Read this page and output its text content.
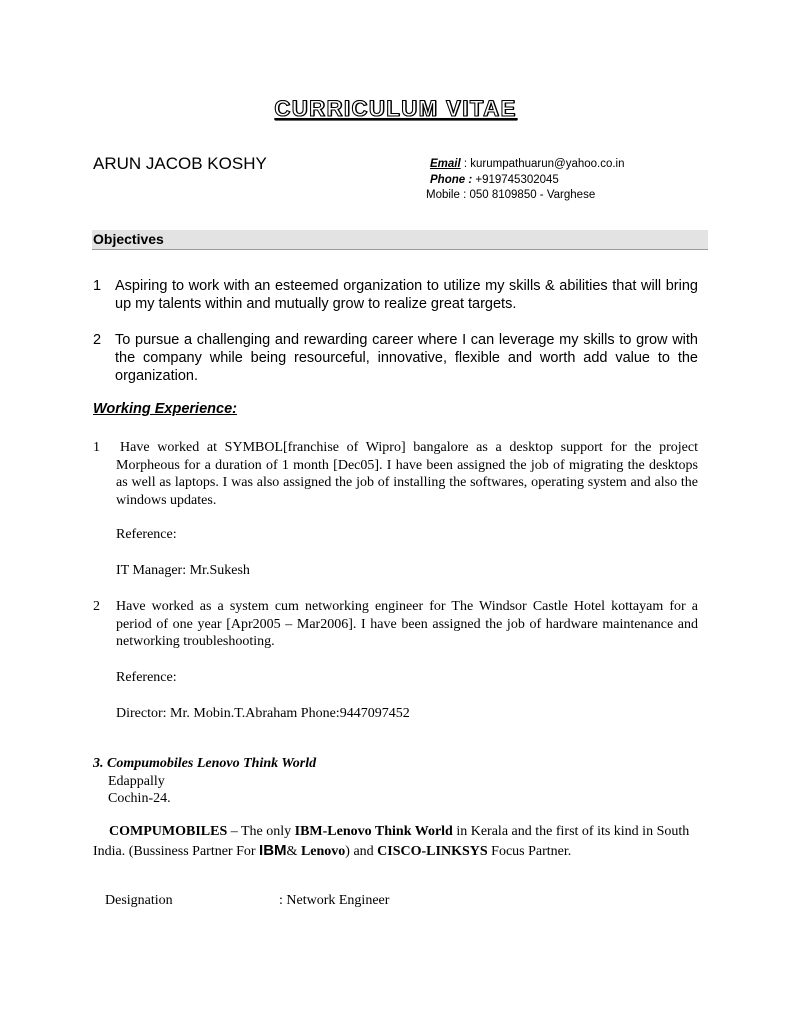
CURRICULUM VITAE
ARUN JACOB KOSHY	Email : kurumpathuarun@yahoo.co.in
Phone : +919745302045
Mobile : 050 8109850 - Varghese
Objectives
1 Aspiring to work with an esteemed organization to utilize my skills & abilities that will bring up my talents within and mutually grow to realize great targets.
2 To pursue a challenging and rewarding career where I can leverage my skills to grow with the company while being resourceful, innovative, flexible and worth add value to the organization.
Working Experience:
1 Have worked at SYMBOL[franchise of Wipro] bangalore as a desktop support for the project Morpheous for a duration of 1 month [Dec05]. I have been assigned the job of migrating the desktops as well as laptops. I was also assigned the job of installing the softwares, operating system and also the windows updates.
Reference:
IT Manager: Mr.Sukesh
2 Have worked as a system cum networking engineer for The Windsor Castle Hotel kottayam for a period of one year [Apr2005 – Mar2006]. I have been assigned the job of hardware maintenance and networking troubleshooting.
Reference:
Director: Mr. Mobin.T.Abraham Phone:9447097452
3. Compumobiles Lenovo Think World
Edappally
Cochin-24.
COMPUMOBILES – The only IBM-Lenovo Think World in Kerala and the first of its kind in South India. (Bussiness Partner For IBM& Lenovo) and CISCO-LINKSYS Focus Partner.
Designation	: Network Engineer
